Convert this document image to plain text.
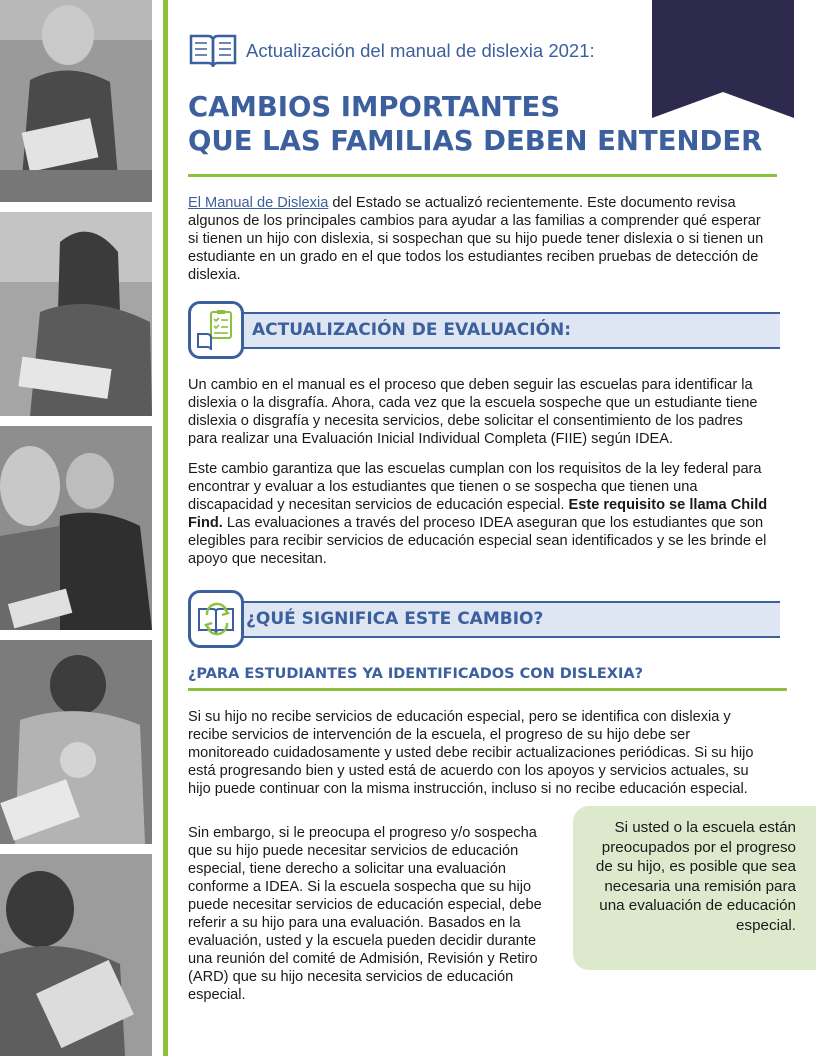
Actualización del manual de dislexia 2021:
CAMBIOS IMPORTANTES
QUE LAS FAMILIAS DEBEN ENTENDER

El Manual de Dislexia del Estado se actualizó recientemente. Este documento revisa algunos de los principales cambios para ayudar a las familias a comprender qué esperar si tienen un hijo con dislexia, si sospechan que su hijo puede tener dislexia o si tienen un estudiante en un grado en el que todos los estudiantes reciben pruebas de detección de dislexia.

ACTUALIZACIÓN DE EVALUACIÓN:

Un cambio en el manual es el proceso que deben seguir las escuelas para identificar la dislexia o la disgrafía. Ahora, cada vez que la escuela sospeche que un estudiante tiene dislexia o disgrafía y necesita servicios, debe solicitar el consentimiento de los padres para realizar una Evaluación Inicial Individual Completa (FIIE) según IDEA.

Este cambio garantiza que las escuelas cumplan con los requisitos de la ley federal para encontrar y evaluar a los estudiantes que tienen o se sospecha que tienen una discapacidad y necesitan servicios de educación especial. Este requisito se llama Child Find. Las evaluaciones a través del proceso IDEA aseguran que los estudiantes que son elegibles para recibir servicios de educación especial sean identificados y se les brinde el apoyo que necesitan.

¿QUÉ SIGNIFICA ESTE CAMBIO?
¿PARA ESTUDIANTES YA IDENTIFICADOS CON DISLEXIA?

Si su hijo no recibe servicios de educación especial, pero se identifica con dislexia y recibe servicios de intervención de la escuela, el progreso de su hijo debe ser monitoreado cuidadosamente y usted debe recibir actualizaciones periódicas. Si su hijo está progresando bien y usted está de acuerdo con los apoyos y servicios actuales, su hijo puede continuar con la misma instrucción, incluso si no recibe educación especial.

Sin embargo, si le preocupa el progreso y/o sospecha que su hijo puede necesitar servicios de educación especial, tiene derecho a solicitar una evaluación conforme a IDEA. Si la escuela sospecha que su hijo puede necesitar servicios de educación especial, debe referir a su hijo para una evaluación. Basados en la evaluación, usted y la escuela pueden decidir durante una reunión del comité de Admisión, Revisión y Retiro (ARD) que su hijo necesita servicios de educación especial.

Si usted o la escuela están preocupados por el progreso de su hijo, es posible que sea necesaria una remisión para una evaluación de educación especial.
